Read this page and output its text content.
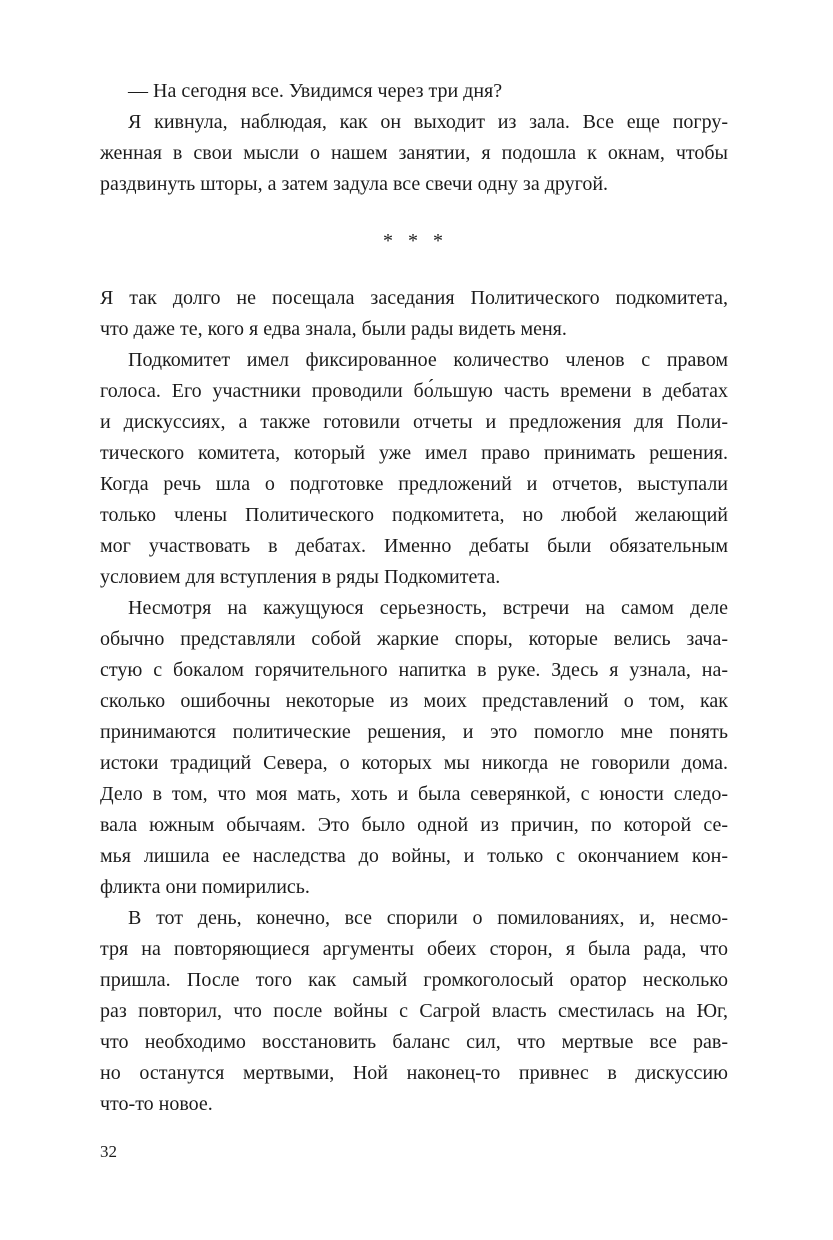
— На сегодня все. Увидимся через три дня?
Я кивнула, наблюдая, как он выходит из зала. Все еще погру-
женная в свои мысли о нашем занятии, я подошла к окнам, чтобы
раздвинуть шторы, а затем задула все свечи одну за другой.
* * *
Я так долго не посещала заседания Политического подкомитета,
что даже те, кого я едва знала, были рады видеть меня.
Подкомитет имел фиксированное количество членов с правом
голоса. Его участники проводили бо́льшую часть времени в дебатах
и дискуссиях, а также готовили отчеты и предложения для Поли-
тического комитета, который уже имел право принимать решения.
Когда речь шла о подготовке предложений и отчетов, выступали
только члены Политического подкомитета, но любой желающий
мог участвовать в дебатах. Именно дебаты были обязательным
условием для вступления в ряды Подкомитета.
Несмотря на кажущуюся серьезность, встречи на самом деле
обычно представляли собой жаркие споры, которые велись зача-
стую с бокалом горячительного напитка в руке. Здесь я узнала, на-
сколько ошибочны некоторые из моих представлений о том, как
принимаются политические решения, и это помогло мне понять
истоки традиций Севера, о которых мы никогда не говорили дома.
Дело в том, что моя мать, хоть и была северянкой, с юности следо-
вала южным обычаям. Это было одной из причин, по которой се-
мья лишила ее наследства до войны, и только с окончанием кон-
фликта они помирились.
В тот день, конечно, все спорили о помилованиях, и, несмо-
тря на повторяющиеся аргументы обеих сторон, я была рада, что
пришла. После того как самый громкоголосый оратор несколько
раз повторил, что после войны с Сагрой власть сместилась на Юг,
что необходимо восстановить баланс сил, что мертвые все рав-
но останутся мертвыми, Ной наконец-то привнес в дискуссию
что-то новое.
32
